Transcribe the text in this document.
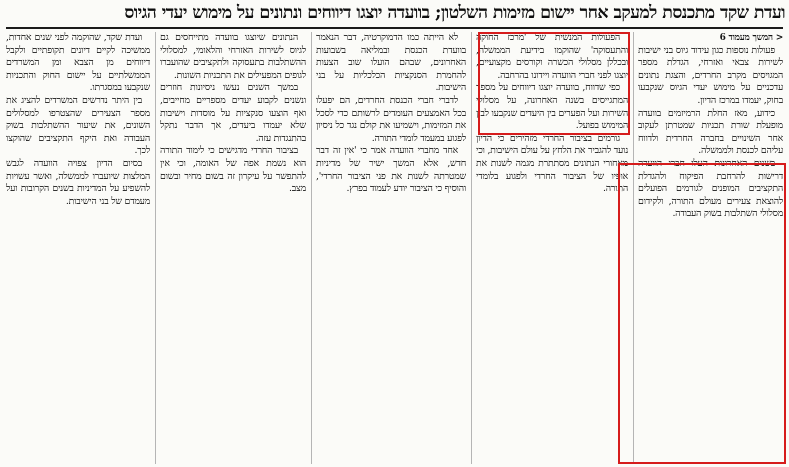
ועדת שקד מתכנסת למעקב אחר יישום מזימות השלטון; בוועדה יוצגו דיווחים ונתונים על מימוש יעדי הגיוס
< המשך מעמוד 6

פעולות נוספות כגון עידוד גיוס בני ישיבות לשירות צבאי ואזרחי, הגדלת מספר המגויסים מקרב החרדים, והצגת נתונים עדכניים על מימוש יעדי הגיוס שנקבעו בחוק, יעמדו במרכז הדיון.

כידוע, מאז החלת הרמיזמים בוועדה מופעלת שורת תכניות שמטרתן לעקוב אחר השינויים בחברה החרדית ולדווח עליהם לכנסת ולממשלה.

בשנים האחרונות העלו חברי הוועדה דרישות להרחבת הפיקוח ולהגדלת התקציבים המופנים לגורמים הפועלים להוצאת צעירים מעולם התורה, ולקידום מסלולי השתלבות בשוק העבודה.

הפעולות המנשית של 'מרכז החוקה והתעסוקה' שהוקמו בידיעת הממשלה, ובכללן מסלולי הכשרה וקורסים מקצועיים, יוצגו לפני חברי הוועדה ויידונו בהרחבה.

כפי שדווח, בוועדה יוצגו דיווחים על מספר המתגייסים בשנה האחרונה, על מסלולי השירות ועל הפערים בין היעדים שנקבעו לבין המימוש בפועל.

גורמים בציבור החרדי מזהירים כי הדיון נועד להגביר את הלחץ על עולם הישיבות, וכי מאחורי הנתונים מסתתרת מגמה לשנות את אופיו של הציבור החרדי ולפגוע בלומדי התורה.

לא הייתה כמו הדמוקרטיה, דבר הנאמר בוועדת הכנסת ובמליאה בשבועות האחרונים, שבהם הועלו שוב הצעות להחמרת הסנקציות הכלכליות על בני הישיבות.

לדברי חברי הכנסת החרדים, הם יפעלו בכל האמצעים העומדים לרשותם כדי לסכל את המזימות, וישמיעו את קולם נגד כל ניסיון לפגוע במעמד לומדי התורה.

אחד מחברי הוועדה אמר כי 'אין זה דבר חדש, אלא המשך ישיר של מדיניות שמטרתה לשנות את פני הציבור החרדי', והוסיף כי הציבור יודע לעמוד בפרץ.

הנתונים שיוצגו בוועדה מתייחסים גם לגיוס לשירות האזרחי והלאומי, למסלולי ההשתלבות בתעסוקה ולתקציבים שהועברו לגופים המפעילים את התכניות השונות.

במשך השנים נעשו ניסיונות חוזרים ונשנים לקבוע יעדים מספריים מחייבים, ואף הוצעו סנקציות על מוסדות וישיבות שלא יעמדו ביעדים, אך הדבר נתקל בהתנגדות עזה.

בציבור החרדי מדגישים כי לימוד התורה הוא נשמת אפה של האומה, וכי אין להתפשר על עיקרון זה בשום מחיר ובשום מצב.

ועדת שקד, שהוקמה לפני שנים אחדות, ממשיכה לקיים דיונים תקופתיים ולקבל דיווחים מן הצבא ומן המשרדים הממשלתיים על יישום החוק והתכניות שנקבעו במסגרתו.

בין היתר נדרשים המשרדים להציג את מספר הצעירים שהצטרפו למסלולים השונים, את שיעור ההשתלבות בשוק העבודה ואת היקף התקציבים שהוקצו לכך.

בסיום הדיון צפויה הוועדה לגבש המלצות שיועברו לממשלה, ואשר עשויות להשפיע על המדיניות בשנים הקרובות ועל מעמדם של בני הישיבות.
